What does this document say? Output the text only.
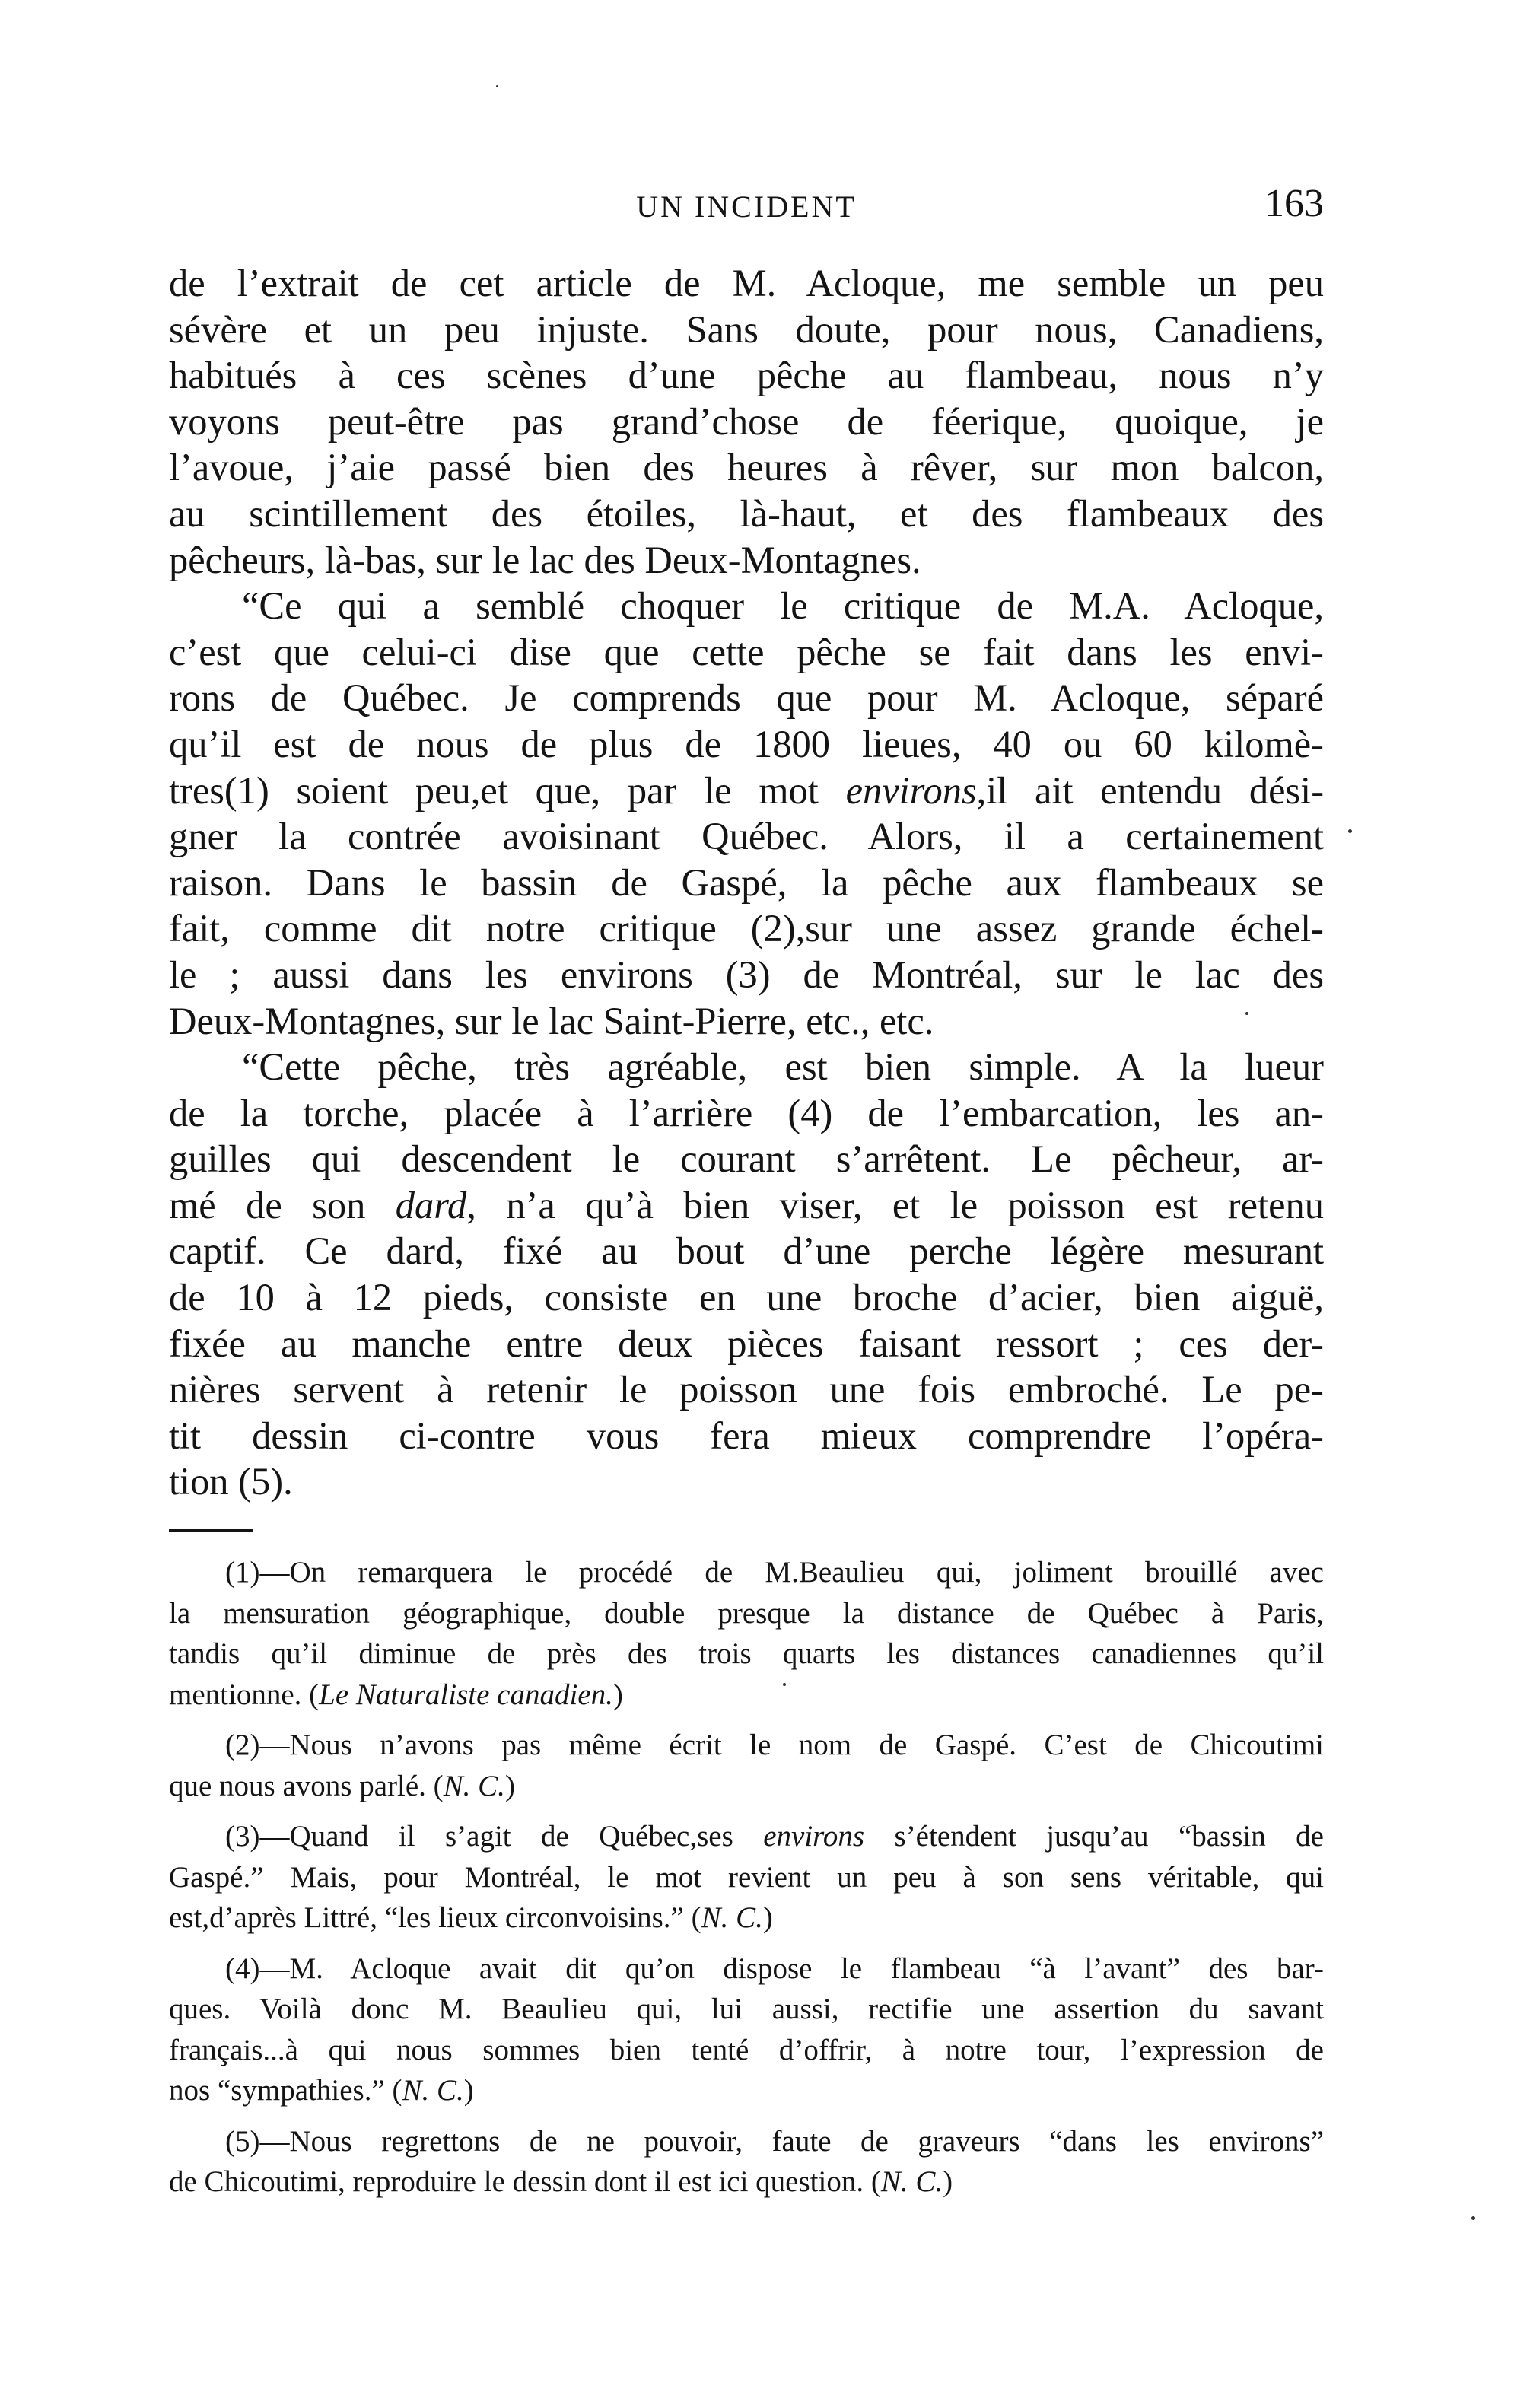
UN INCIDENT	163
de l’extrait de cet article de M. Acloque, me semble un peu
sévère et un peu injuste. Sans doute, pour nous, Canadiens,
habitués à ces scènes d’une pêche au flambeau, nous n’y
voyons peut-être pas grand’chose de féerique, quoique, je
l’avoue, j’aie passé bien des heures à rêver, sur mon balcon,
au scintillement des étoiles, là-haut, et des flambeaux des
pêcheurs, là-bas, sur le lac des Deux-Montagnes.
“Ce qui a semblé choquer le critique de M.A. Acloque,
c’est que celui-ci dise que cette pêche se fait dans les envi-
rons de Québec. Je comprends que pour M. Acloque, séparé
qu’il est de nous de plus de 1800 lieues, 40 ou 60 kilomè-
tres(1) soient peu,et que, par le mot environs,il ait entendu dési-
gner la contrée avoisinant Québec. Alors, il a certainement
raison. Dans le bassin de Gaspé, la pêche aux flambeaux se
fait, comme dit notre critique (2),sur une assez grande échel-
le ; aussi dans les environs (3) de Montréal, sur le lac des
Deux-Montagnes, sur le lac Saint-Pierre, etc., etc.
“Cette pêche, très agréable, est bien simple. A la lueur
de la torche, placée à l’arrière (4) de l’embarcation, les an-
guilles qui descendent le courant s’arrêtent. Le pêcheur, ar-
mé de son dard, n’a qu’à bien viser, et le poisson est retenu
captif. Ce dard, fixé au bout d’une perche légère mesurant
de 10 à 12 pieds, consiste en une broche d’acier, bien aiguë,
fixée au manche entre deux pièces faisant ressort ; ces der-
nières servent à retenir le poisson une fois embroché. Le pe-
tit dessin ci-contre vous fera mieux comprendre l’opéra-
tion (5).
(1)—On remarquera le procédé de M.Beaulieu qui, joliment brouillé avec
la mensuration géographique, double presque la distance de Québec à Paris,
tandis qu’il diminue de près des trois quarts les distances canadiennes qu’il
mentionne. (Le Naturaliste canadien.)
(2)—Nous n’avons pas même écrit le nom de Gaspé. C’est de Chicoutimi
que nous avons parlé. (N. C.)
(3)—Quand il s’agit de Québec,ses environs s’étendent jusqu’au “bassin de
Gaspé.” Mais, pour Montréal, le mot revient un peu à son sens véritable, qui
est,d’après Littré, “les lieux circonvoisins.” (N. C.)
(4)—M. Acloque avait dit qu’on dispose le flambeau “à l’avant” des bar-
ques. Voilà donc M. Beaulieu qui, lui aussi, rectifie une assertion du savant
français...à qui nous sommes bien tenté d’offrir, à notre tour, l’expression de
nos “sympathies.” (N. C.)
(5)—Nous regrettons de ne pouvoir, faute de graveurs “dans les environs”
de Chicoutimi, reproduire le dessin dont il est ici question. (N. C.)
